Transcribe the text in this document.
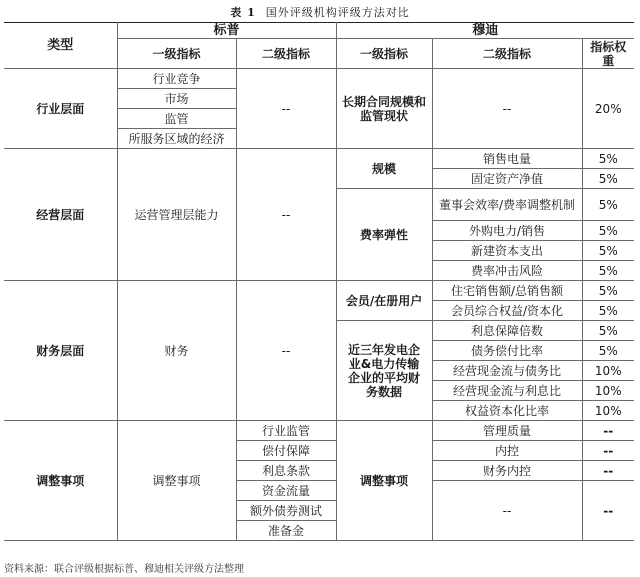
表 1 国外评级机构评级方法对比
类型	标普		穆迪		
	一级指标	二级指标	一级指标	二级指标	指标权重
行业层面	行业竞争	--	长期合同规模和监管现状	--	20%
	市场				
	监管				
	所服务区域的经济				
经营层面	运营管理层能力	--	规模	销售电量	5%
				固定资产净值	5%
			费率弹性	董事会效率/费率调整机制	5%
				外购电力/销售	5%
				新建资本支出	5%
				费率冲击风险	5%
财务层面	财务	--	会员/在册用户	住宅销售额/总销售额	5%
				会员综合权益/资本化	5%
			近三年发电企业&电力传输企业的平均财务数据	利息保障倍数	5%
				债务偿付比率	5%
				经营现金流与债务比	10%
				经营现金流与利息比	10%
				权益资本化比率	10%
调整事项	调整事项	行业监管	调整事项	管理质量	--
		偿付保障		内控	--
		利息条款		财务内控	--
		资金流量		--	--
		额外债券测试			
		准备金			
资料来源：联合评级根据标普、穆迪相关评级方法整理
